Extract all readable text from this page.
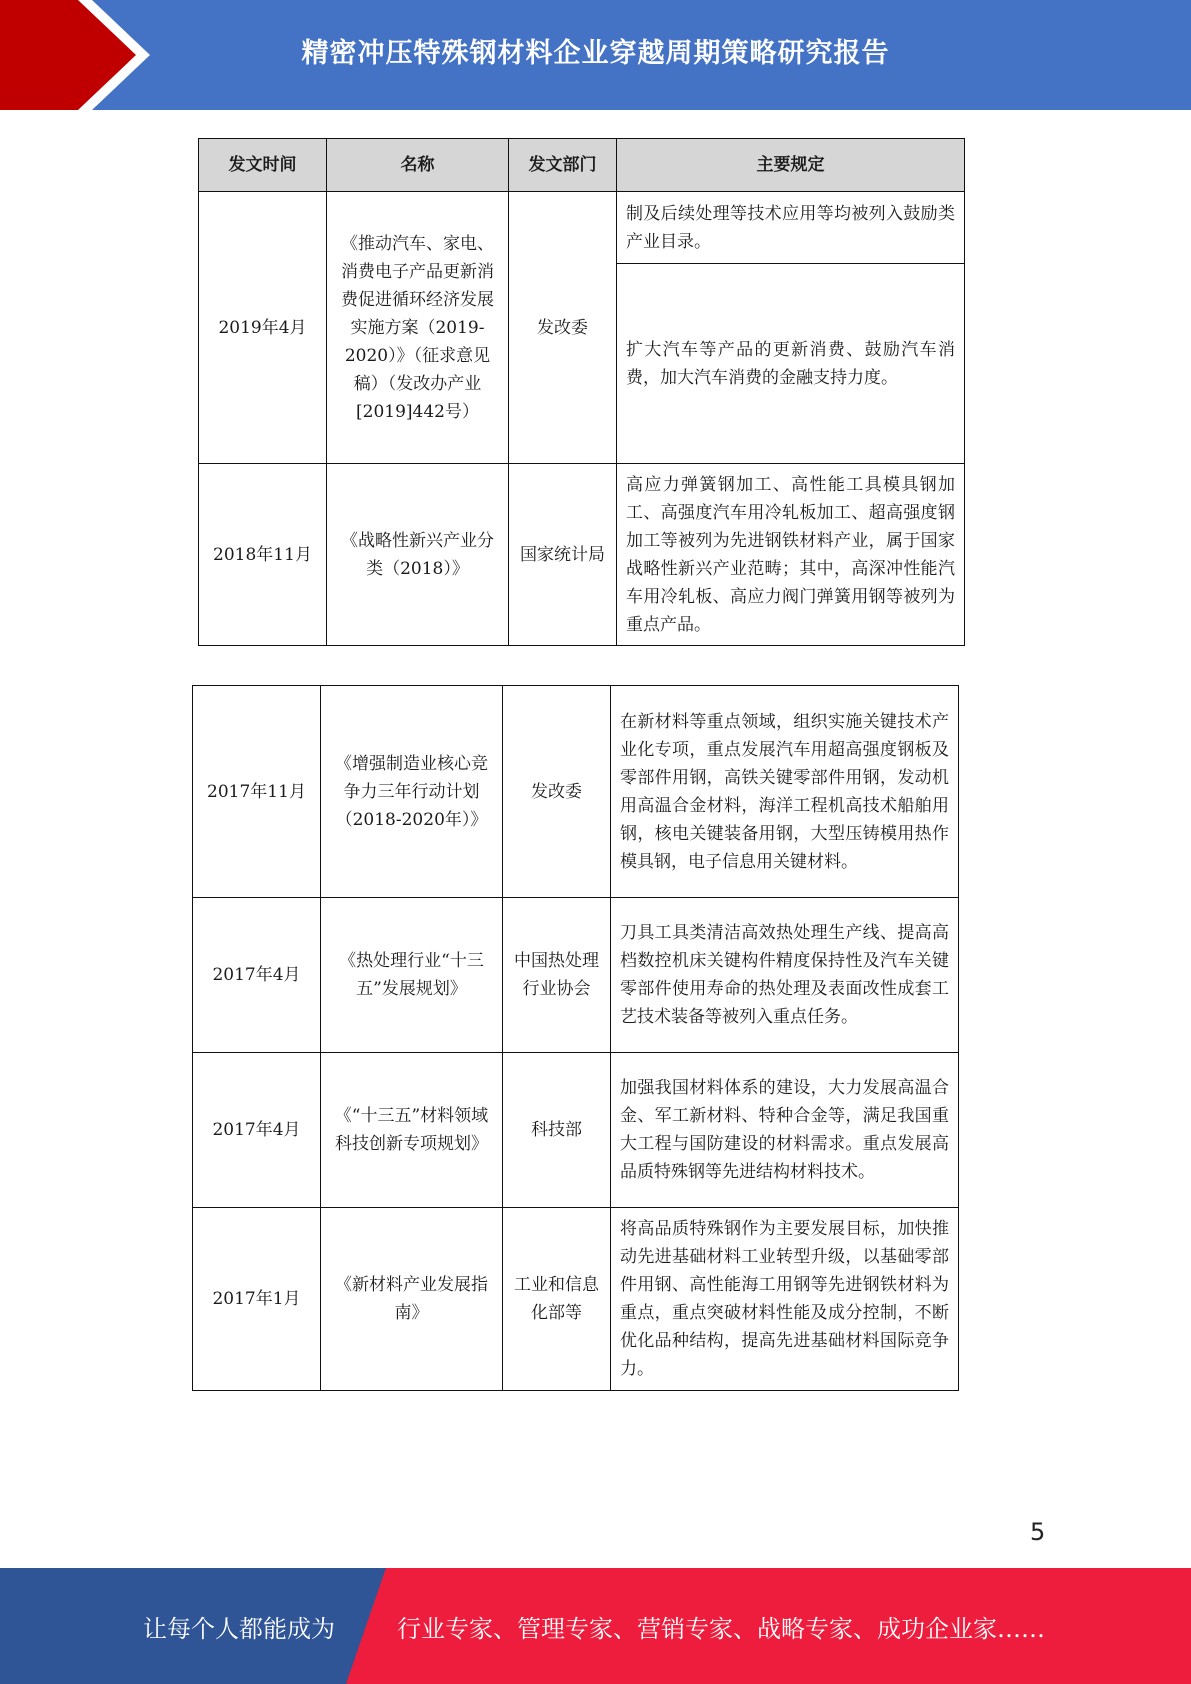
精密冲压特殊钢材料企业穿越周期策略研究报告
发文时间	名称	发文部门	主要规定
2019年4月	《推动汽车、家电、消费电子产品更新消费促进循环经济发展实施方案（2019-2020）》（征求意见稿）（发改办产业[2019]442号）	发改委	制及后续处理等技术应用等均被列入鼓励类产业目录。
			扩大汽车等产品的更新消费、鼓励汽车消费，加大汽车消费的金融支持力度。
2018年11月	《战略性新兴产业分类（2018）》	国家统计局	高应力弹簧钢加工、高性能工具模具钢加工、高强度汽车用冷轧板加工、超高强度钢加工等被列为先进钢铁材料产业，属于国家战略性新兴产业范畴；其中，高深冲性能汽车用冷轧板、高应力阀门弹簧用钢等被列为重点产品。
2017年11月	《增强制造业核心竞争力三年行动计划（2018-2020年）》	发改委	在新材料等重点领域，组织实施关键技术产业化专项，重点发展汽车用超高强度钢板及零部件用钢，高铁关键零部件用钢，发动机用高温合金材料，海洋工程机高技术船舶用钢，核电关键装备用钢，大型压铸模用热作模具钢，电子信息用关键材料。
2017年4月	《热处理行业“十三五”发展规划》	中国热处理行业协会	刀具工具类清洁高效热处理生产线、提高高档数控机床关键构件精度保持性及汽车关键零部件使用寿命的热处理及表面改性成套工艺技术装备等被列入重点任务。
2017年4月	《“十三五”材料领域科技创新专项规划》	科技部	加强我国材料体系的建设，大力发展高温合金、军工新材料、特种合金等，满足我国重大工程与国防建设的材料需求。重点发展高品质特殊钢等先进结构材料技术。
2017年1月	《新材料产业发展指南》	工业和信息化部等	将高品质特殊钢作为主要发展目标，加快推动先进基础材料工业转型升级，以基础零部件用钢、高性能海工用钢等先进钢铁材料为重点，重点突破材料性能及成分控制，不断优化品种结构，提高先进基础材料国际竞争力。
5
让每个人都能成为	行业专家、管理专家、营销专家、战略专家、成功企业家……
